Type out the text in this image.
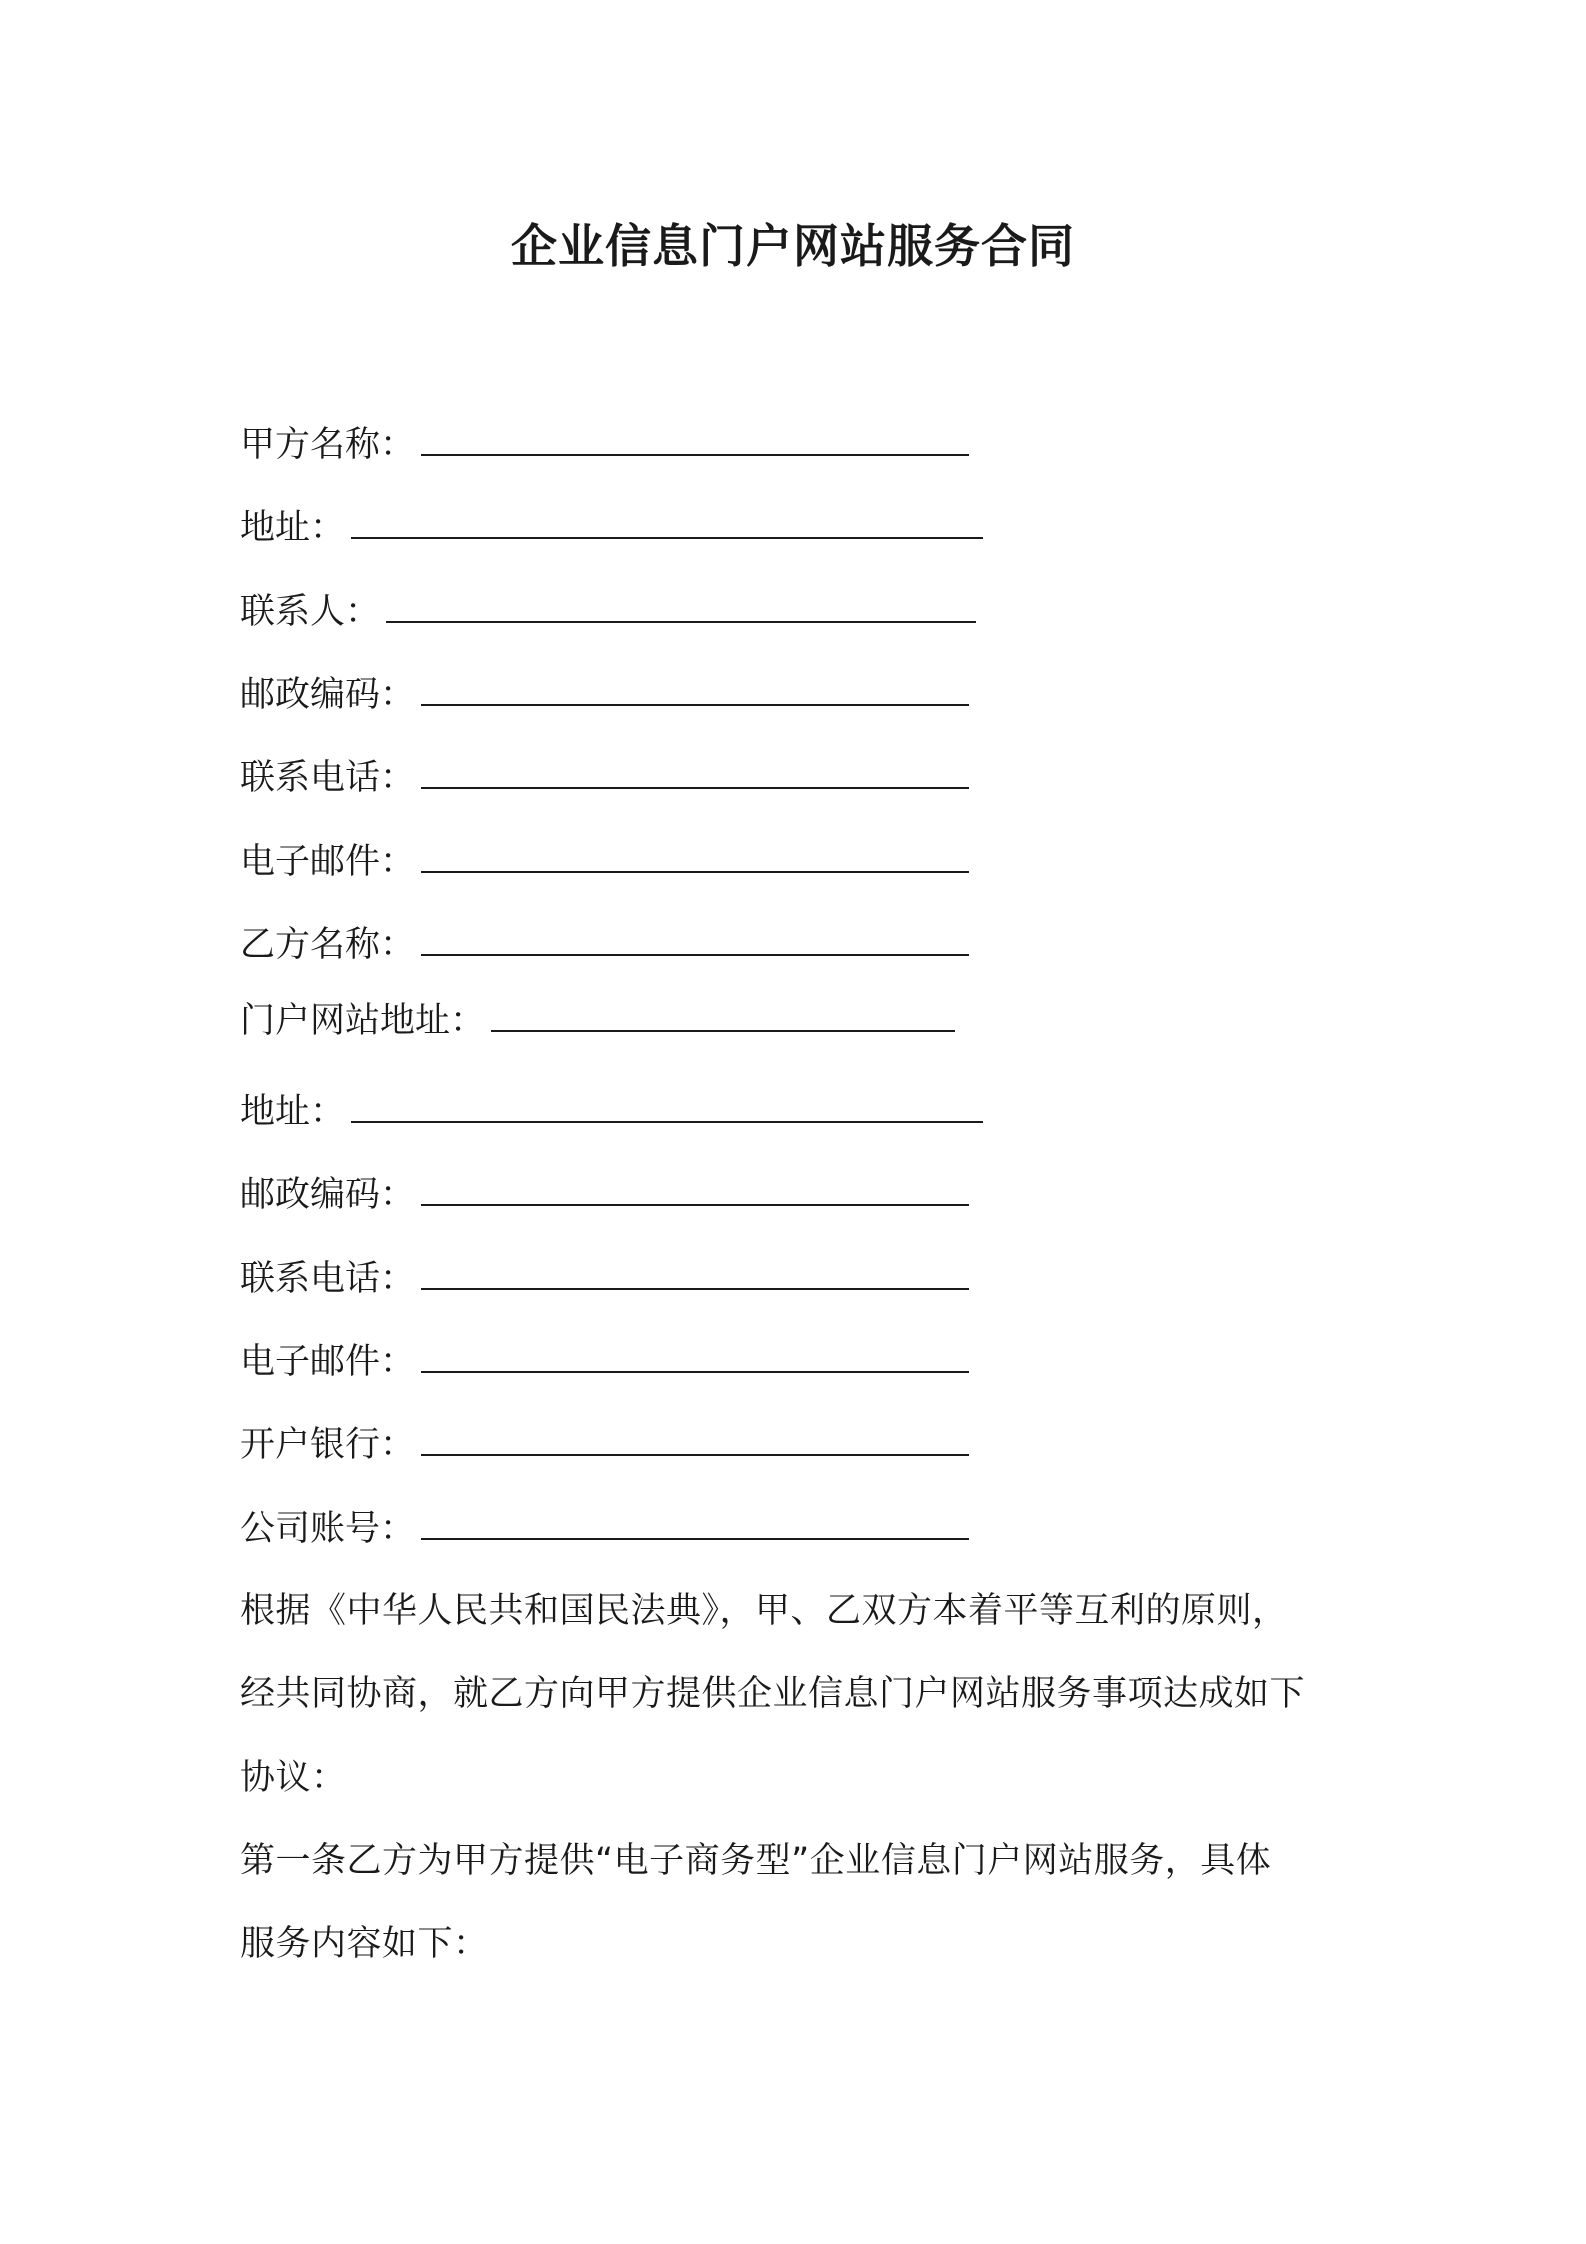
企业信息门户网站服务合同
甲方名称：
地址：
联系人：
邮政编码：
联系电话：
电子邮件：
乙方名称：
门户网站地址：
地址：
邮政编码：
联系电话：
电子邮件：
开户银行：
公司账号：
根据《中华人民共和国民法典》，甲、乙双方本着平等互利的原则，
经共同协商，就乙方向甲方提供企业信息门户网站服务事项达成如下
协议：
第一条乙方为甲方提供“电子商务型”企业信息门户网站服务，具体
服务内容如下：
